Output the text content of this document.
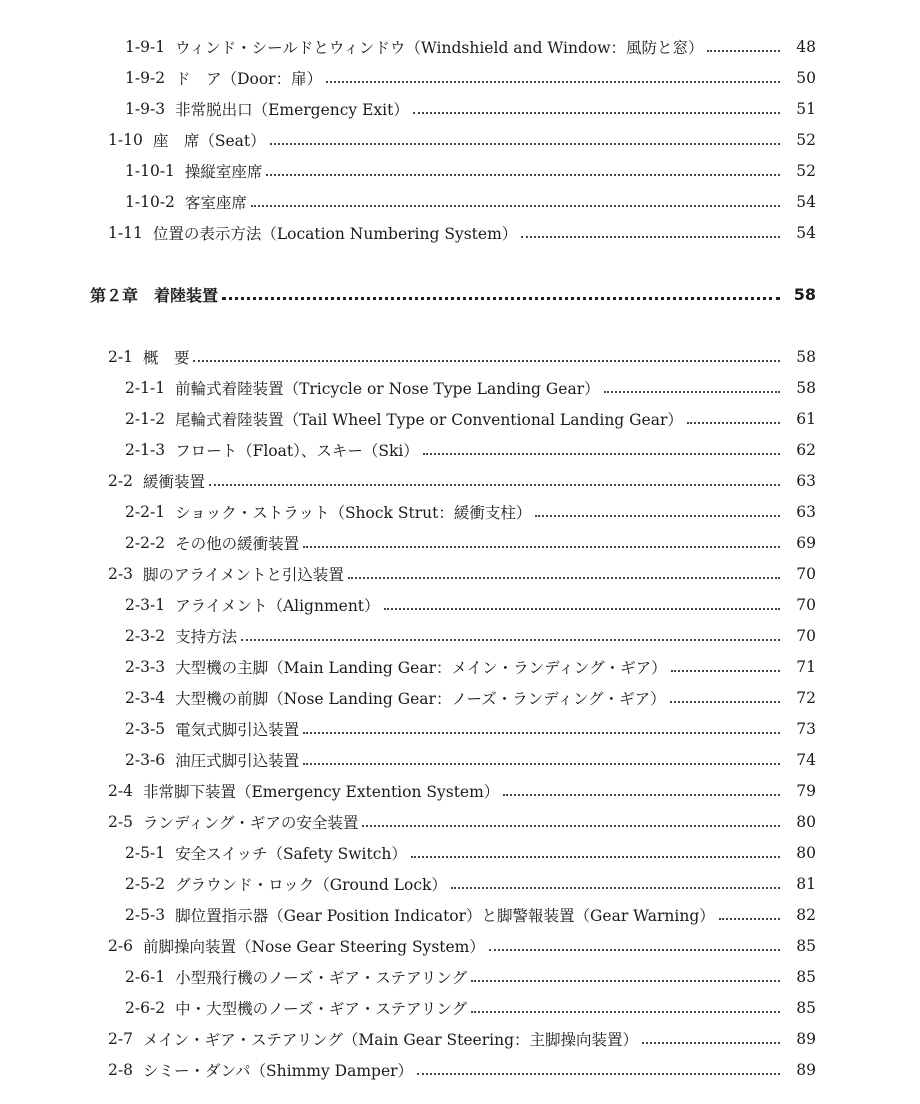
1-9-1 ウィンド・シールドとウィンドウ（Windshield and Window：風防と窓）	48
1-9-2 ド　ア（Door：扉）	50
1-9-3 非常脱出口（Emergency Exit）	51
1-10 座　席（Seat）	52
1-10-1 操縦室座席	52
1-10-2 客室座席	54
1-11 位置の表示方法（Location Numbering System）	54
第２章 着陸装置	58
2-1 概　要	58
2-1-1 前輪式着陸装置（Tricycle or Nose Type Landing Gear）	58
2-1-2 尾輪式着陸装置（Tail Wheel Type or Conventional Landing Gear）	61
2-1-3 フロート（Float）、スキー（Ski）	62
2-2 緩衝装置	63
2-2-1 ショック・ストラット（Shock Strut：緩衝支柱）	63
2-2-2 その他の緩衝装置	69
2-3 脚のアライメントと引込装置	70
2-3-1 アライメント（Alignment）	70
2-3-2 支持方法	70
2-3-3 大型機の主脚（Main Landing Gear：メイン・ランディング・ギア）	71
2-3-4 大型機の前脚（Nose Landing Gear：ノーズ・ランディング・ギア）	72
2-3-5 電気式脚引込装置	73
2-3-6 油圧式脚引込装置	74
2-4 非常脚下装置（Emergency Extention System）	79
2-5 ランディング・ギアの安全装置	80
2-5-1 安全スイッチ（Safety Switch）	80
2-5-2 グラウンド・ロック（Ground Lock）	81
2-5-3 脚位置指示器（Gear Position Indicator）と脚警報装置（Gear Warning）	82
2-6 前脚操向装置（Nose Gear Steering System）	85
2-6-1 小型飛行機のノーズ・ギア・ステアリング	85
2-6-2 中・大型機のノーズ・ギア・ステアリング	85
2-7 メイン・ギア・ステアリング（Main Gear Steering：主脚操向装置）	89
2-8 シミー・ダンパ（Shimmy Damper）	89
